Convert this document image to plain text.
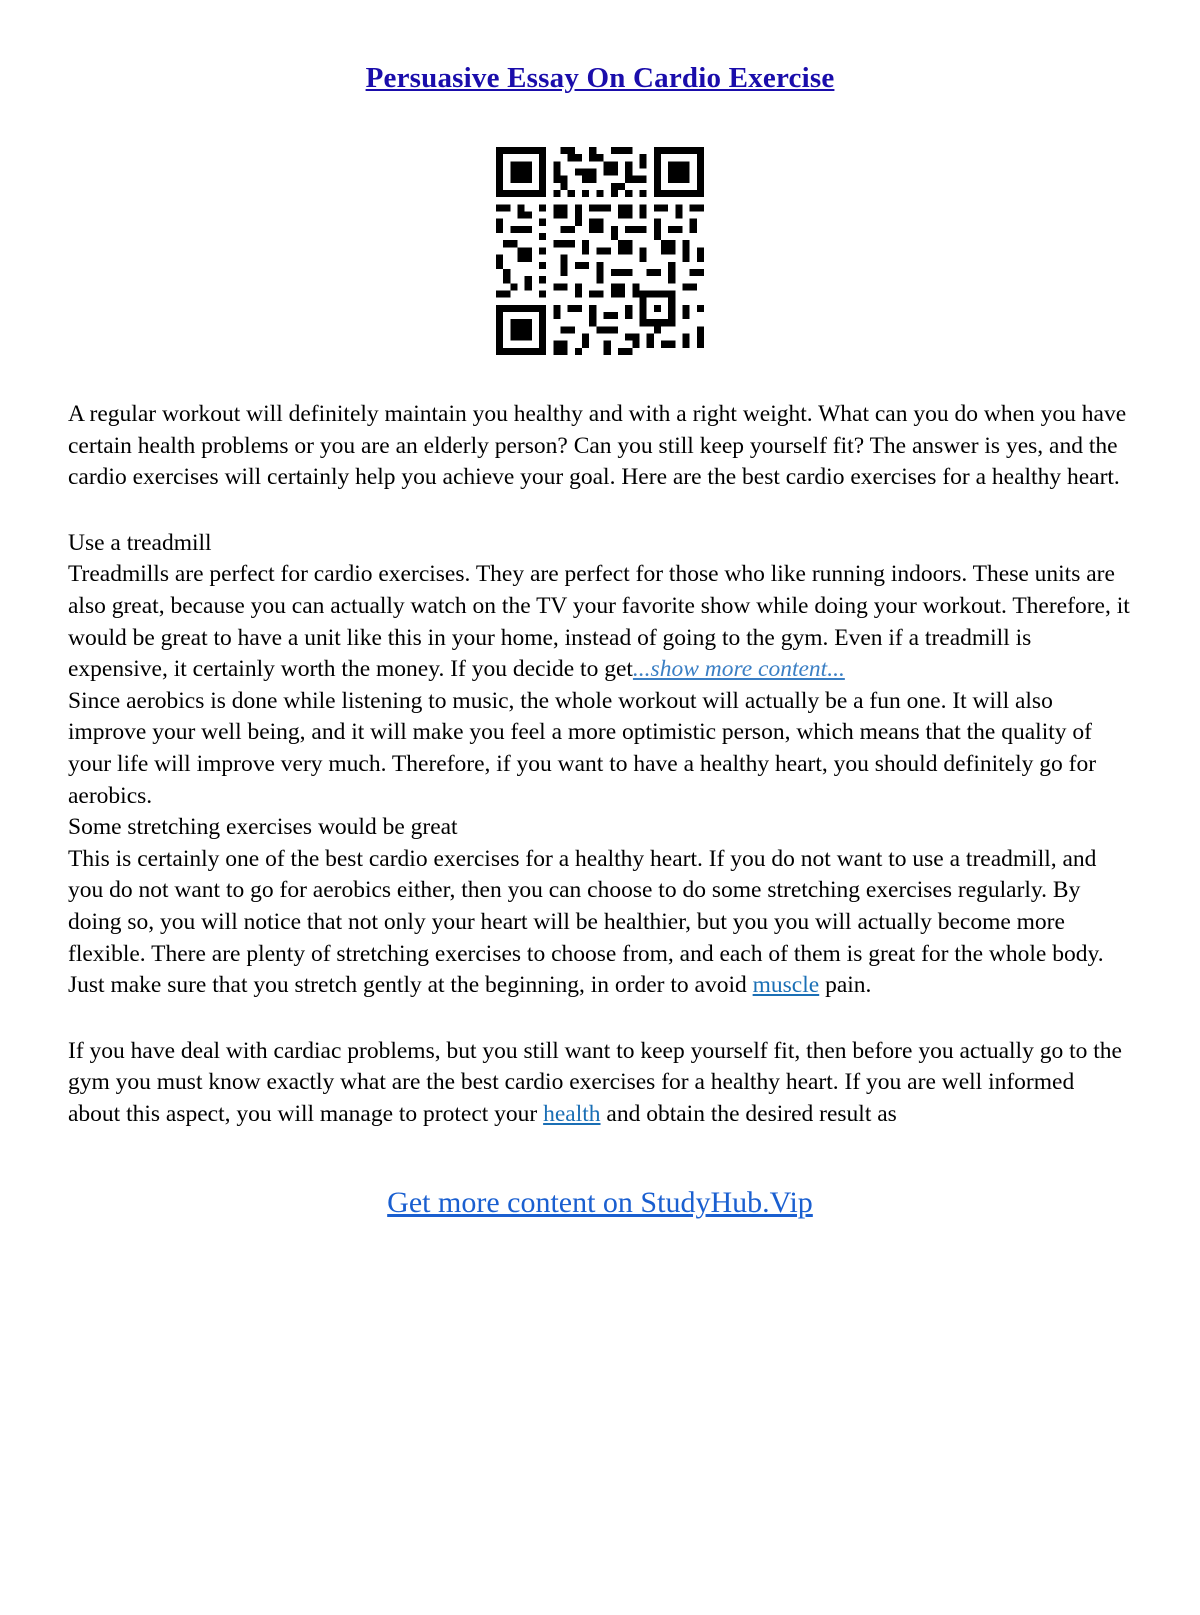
Persuasive Essay On Cardio Exercise

A regular workout will definitely maintain you healthy and with a right weight. What can you do when you have certain health problems or you are an elderly person? Can you still keep yourself fit? The answer is yes, and the cardio exercises will certainly help you achieve your goal. Here are the best cardio exercises for a healthy heart.

Use a treadmill

Treadmills are perfect for cardio exercises. They are perfect for those who like running indoors. These units are also great, because you can actually watch on the TV your favorite show while doing your workout. Therefore, it would be great to have a unit like this in your home, instead of going to the gym. Even if a treadmill is expensive, it certainly worth the money. If you decide to get...show more content...

Since aerobics is done while listening to music, the whole workout will actually be a fun one. It will also improve your well being, and it will make you feel a more optimistic person, which means that the quality of your life will improve very much. Therefore, if you want to have a healthy heart, you should definitely go for aerobics.

Some stretching exercises would be great

This is certainly one of the best cardio exercises for a healthy heart. If you do not want to use a treadmill, and you do not want to go for aerobics either, then you can choose to do some stretching exercises regularly. By doing so, you will notice that not only your heart will be healthier, but you you will actually become more flexible. There are plenty of stretching exercises to choose from, and each of them is great for the whole body. Just make sure that you stretch gently at the beginning, in order to avoid muscle pain.

If you have deal with cardiac problems, but you still want to keep yourself fit, then before you actually go to the gym you must know exactly what are the best cardio exercises for a healthy heart. If you are well informed about this aspect, you will manage to protect your health and obtain the desired result as

Get more content on StudyHub.Vip
